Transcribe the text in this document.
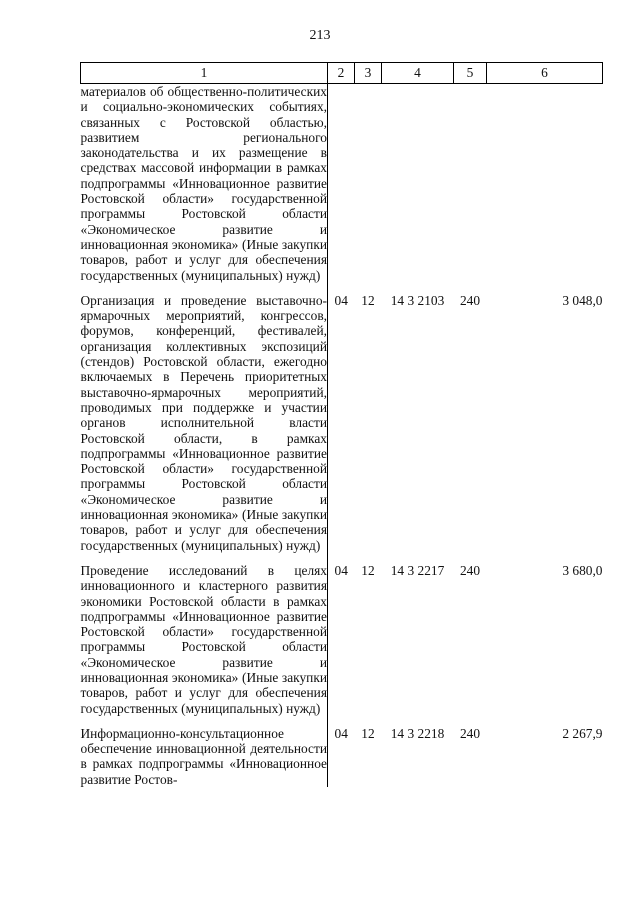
213
1	2	3	4	5	6
материалов об общественно-политических и социально-экономических событиях, связанных с Ростовской областью, развитием регионального законодательства и их размещение в средствах массовой информации в рамках подпрограммы «Инновационное развитие Ростовской области» государственной программы Ростовской области «Экономическое развитие и инновационная экономика» (Иные закупки товаров, работ и услуг для обеспечения государственных (муниципальных) нужд)					

Организация и проведение выставочно-ярмарочных мероприятий, конгрессов, форумов, конференций, фестивалей, организация коллективных экспозиций (стендов) Ростовской области, ежегодно включаемых в Перечень приоритетных выставочно-ярмарочных мероприятий, проводимых при поддержке и участии органов исполнительной власти Ростовской области, в рамках подпрограммы «Инновационное развитие Ростовской области» государственной программы Ростовской области «Экономическое развитие и инновационная экономика» (Иные закупки товаров, работ и услуг для обеспечения государственных (муниципальных) нужд)	04	12	14 3 2103	240	3 048,0

Проведение исследований в целях инновационного и кластерного развития экономики Ростовской области в рамках подпрограммы «Инновационное развитие Ростовской области» государственной программы Ростовской области «Экономическое развитие и инновационная экономика» (Иные закупки товаров, работ и услуг для обеспечения государственных (муниципальных) нужд)	04	12	14 3 2217	240	3 680,0

Информационно-консультационное обеспечение инновационной деятельности в рамках подпрограммы «Инновационное развитие Ростов-	04	12	14 3 2218	240	2 267,9
